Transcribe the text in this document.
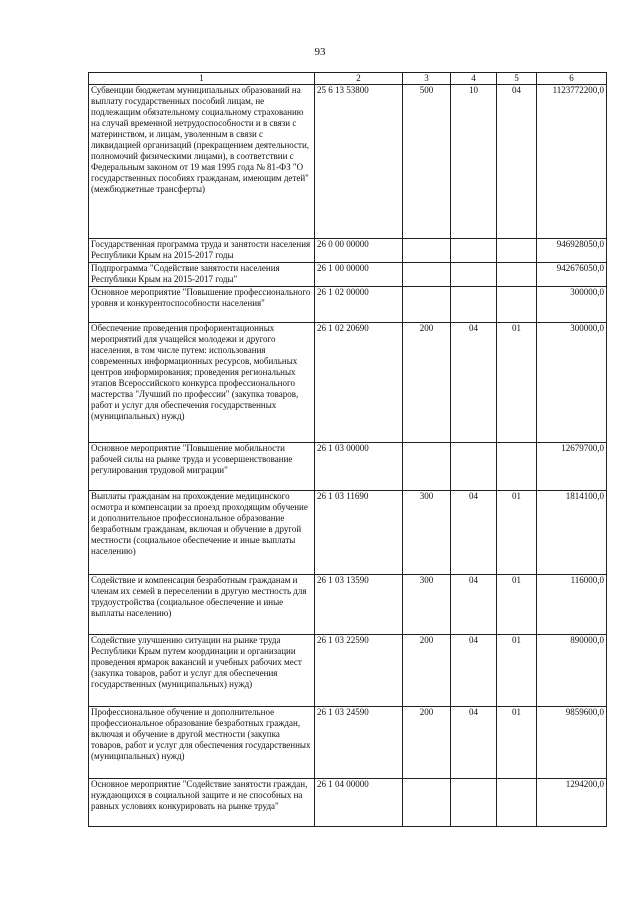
93
1	2	3	4	5	6
Субвенции бюджетам муниципальных образований на выплату государственных пособий лицам, не подлежащим обязательному социальному страхованию на случай временной нетрудоспособности и в связи с материнством, и лицам, уволенным в связи с ликвидацией организаций (прекращением деятельности, полномочий физическими лицами), в соответствии с Федеральным законом от 19 мая 1995 года № 81-ФЗ "О государственных пособиях гражданам, имеющим детей" (межбюджетные трансферты)	25 6 13 53800	500	10	04	1123772200,0
Государственная программа труда и занятости населения Республики Крым на 2015-2017 годы	26 0 00 00000				946928050,0
Подпрограмма "Содействие занятости населения Республики Крым на 2015-2017 годы"	26 1 00 00000				942676050,0
Основное мероприятие "Повышение профессионального уровня и конкурентоспособности населения"	26 1 02 00000				300000,0
Обеспечение проведения профориентационных мероприятий для учащейся молодежи и другого населения, в том числе путем: использования современных информационных ресурсов, мобильных центров информирования; проведения региональных этапов Всероссийского конкурса профессионального мастерства "Лучший по профессии" (закупка товаров, работ и услуг для обеспечения государственных (муниципальных) нужд)	26 1 02 20690	200	04	01	300000,0
Основное мероприятие "Повышение мобильности рабочей силы на рынке труда и усовершенствование регулирования трудовой миграции"	26 1 03 00000				12679700,0
Выплаты гражданам на прохождение медицинского осмотра и компенсации за проезд проходящим обучение и дополнительное профессиональное образование безработным гражданам, включая и обучение в другой местности (социальное обеспечение и иные выплаты населению)	26 1 03 11690	300	04	01	1814100,0
Содействие и компенсация безработным гражданам и членам их семей в переселении в другую местность для трудоустройства (социальное обеспечение и иные выплаты населению)	26 1 03 13590	300	04	01	116000,0
Содействие улучшению ситуации на рынке труда Республики Крым путем координации и организации проведения ярмарок вакансий и учебных рабочих мест (закупка товаров, работ и услуг для обеспечения государственных (муниципальных) нужд)	26 1 03 22590	200	04	01	890000,0
Профессиональное обучение и дополнительное профессиональное образование безработных граждан, включая и обучение в другой местности (закупка товаров, работ и услуг для обеспечения государственных (муниципальных) нужд)	26 1 03 24590	200	04	01	9859600,0
Основное мероприятие "Содействие занятости граждан, нуждающихся в социальной защите и не способных на равных условиях конкурировать на рынке труда"	26 1 04 00000				1294200,0
